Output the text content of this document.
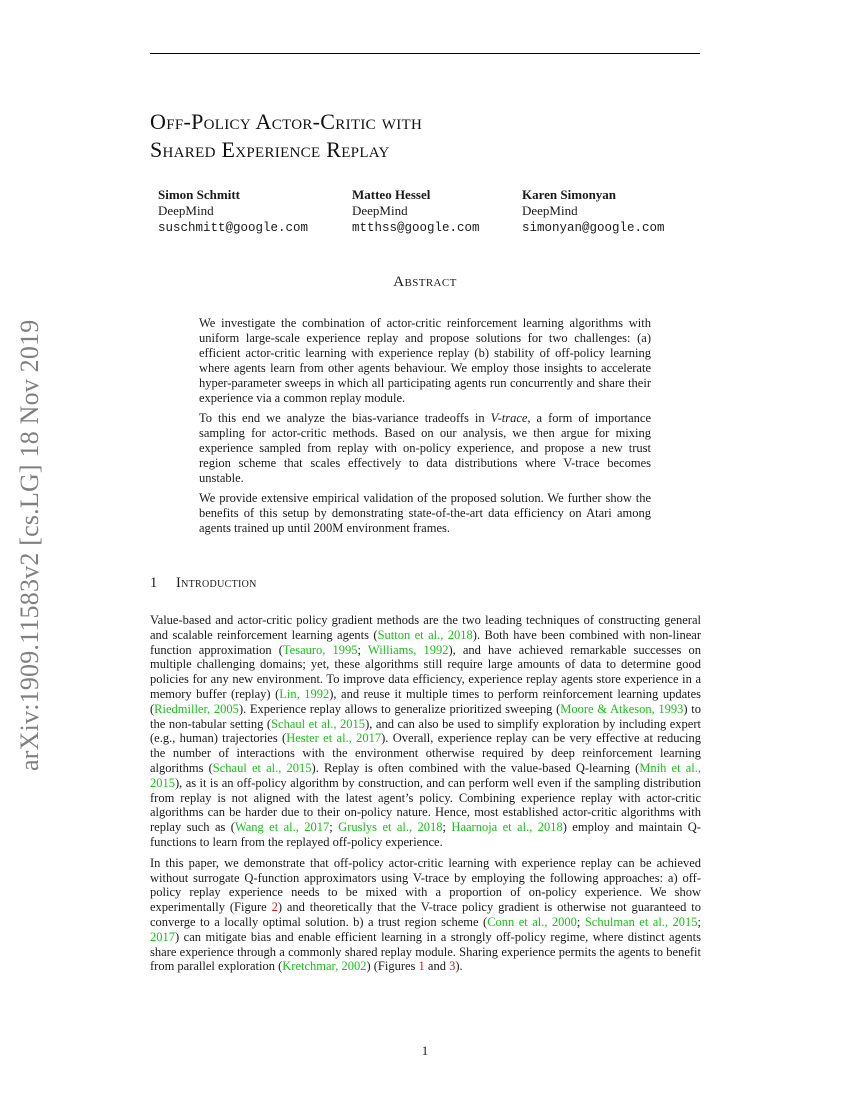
arXiv:1909.11583v2 [cs.LG] 18 Nov 2019
Off-Policy Actor-Critic with
Shared Experience Replay
Simon Schmitt
DeepMind
suschmitt@google.com
Matteo Hessel
DeepMind
mtthss@google.com
Karen Simonyan
DeepMind
simonyan@google.com
Abstract

We investigate the combination of actor-critic reinforcement learning algorithms with uniform large-scale experience replay and propose solutions for two challenges: (a) efficient actor-critic learning with experience replay (b) stability of off-policy learning where agents learn from other agents behaviour. We employ those insights to accelerate hyper-parameter sweeps in which all participating agents run concurrently and share their experience via a common replay module.

To this end we analyze the bias-variance tradeoffs in V-trace, a form of importance sampling for actor-critic methods. Based on our analysis, we then argue for mixing experience sampled from replay with on-policy experience, and propose a new trust region scheme that scales effectively to data distributions where V-trace becomes unstable.

We provide extensive empirical validation of the proposed solution. We further show the benefits of this setup by demonstrating state-of-the-art data efficiency on Atari among agents trained up until 200M environment frames.

1 Introduction

Value-based and actor-critic policy gradient methods are the two leading techniques of constructing general and scalable reinforcement learning agents (Sutton et al., 2018). Both have been combined with non-linear function approximation (Tesauro, 1995; Williams, 1992), and have achieved remarkable successes on multiple challenging domains; yet, these algorithms still require large amounts of data to determine good policies for any new environment. To improve data efficiency, experience replay agents store experience in a memory buffer (replay) (Lin, 1992), and reuse it multiple times to perform reinforcement learning updates (Riedmiller, 2005). Experience replay allows to generalize prioritized sweeping (Moore & Atkeson, 1993) to the non-tabular setting (Schaul et al., 2015), and can also be used to simplify exploration by including expert (e.g., human) trajectories (Hester et al., 2017). Overall, experience replay can be very effective at reducing the number of interactions with the environment otherwise required by deep reinforcement learning algorithms (Schaul et al., 2015). Replay is often combined with the value-based Q-learning (Mnih et al., 2015), as it is an off-policy algorithm by construction, and can perform well even if the sampling distribution from replay is not aligned with the latest agent’s policy. Combining experience replay with actor-critic algorithms can be harder due to their on-policy nature. Hence, most established actor-critic algorithms with replay such as (Wang et al., 2017; Gruslys et al., 2018; Haarnoja et al., 2018) employ and maintain Q-functions to learn from the replayed off-policy experience.

In this paper, we demonstrate that off-policy actor-critic learning with experience replay can be achieved without surrogate Q-function approximators using V-trace by employing the following approaches: a) off-policy replay experience needs to be mixed with a proportion of on-policy experience. We show experimentally (Figure 2) and theoretically that the V-trace policy gradient is otherwise not guaranteed to converge to a locally optimal solution. b) a trust region scheme (Conn et al., 2000; Schulman et al., 2015; 2017) can mitigate bias and enable efficient learning in a strongly off-policy regime, where distinct agents share experience through a commonly shared replay module. Sharing experience permits the agents to benefit from parallel exploration (Kretchmar, 2002) (Figures 1 and 3).

1
